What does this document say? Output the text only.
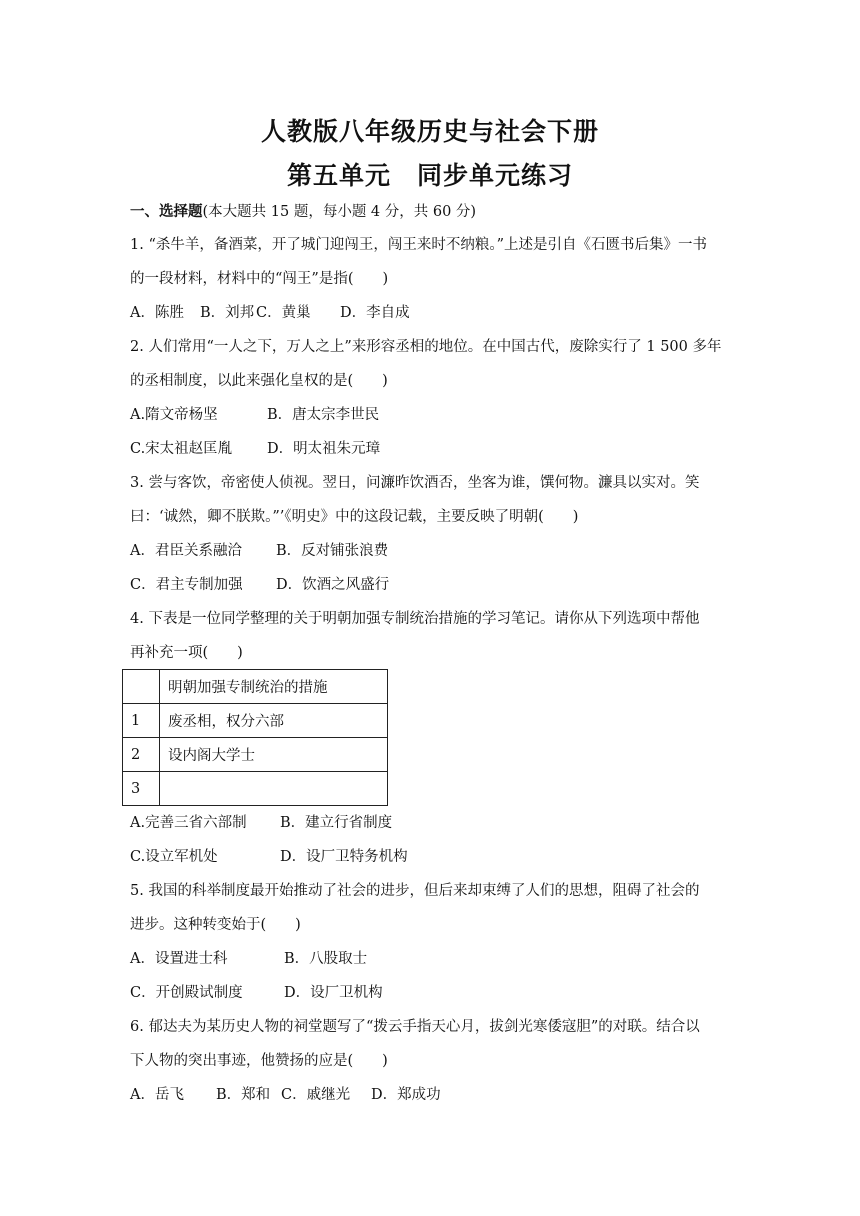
人教版八年级历史与社会下册
第五单元　同步单元练习
一、选择题(本大题共 15 题，每小题 4 分，共 60 分)
1. “杀牛羊，备酒菜，开了城门迎闯王，闯王来时不纳粮。”上述是引自《石匮书后集》一书
的一段材料，材料中的“闯王”是指(　　)
A．陈胜 B．刘邦 C．黄巢 D．李自成
2. 人们常用“一人之下，万人之上”来形容丞相的地位。在中国古代，废除实行了 1 500 多年
的丞相制度，以此来强化皇权的是(　　)
A.隋文帝杨坚	B．唐太宗李世民
C.宋太祖赵匡胤 D．明太祖朱元璋
3. 尝与客饮，帝密使人侦视。翌日，问濂昨饮酒否，坐客为谁，馔何物。濂具以实对。笑
曰：‘诚然，卿不朕欺。”’《明史》中的这段记载，主要反映了明朝(　　)
A．君臣关系融洽 B．反对铺张浪费
C．君主专制加强 D．饮酒之风盛行
4. 下表是一位同学整理的关于明朝加强专制统治措施的学习笔记。请你从下列选项中帮他
再补充一项(　　)
	明朝加强专制统治的措施
1	废丞相，权分六部
2	设内阁大学士
3	
A.完善三省六部制 B．建立行省制度
C.设立军机处	D．设厂卫特务机构
5. 我国的科举制度最开始推动了社会的进步，但后来却束缚了人们的思想，阻碍了社会的
进步。这种转变始于(　　)
A．设置进士科	B．八股取士
C．开创殿试制度	D．设厂卫机构
6. 郁达夫为某历史人物的祠堂题写了“拨云手指天心月，拔剑光寒倭寇胆”的对联。结合以
下人物的突出事迹，他赞扬的应是(　　)
A．岳飞 B．郑和 C．戚继光 D．郑成功
